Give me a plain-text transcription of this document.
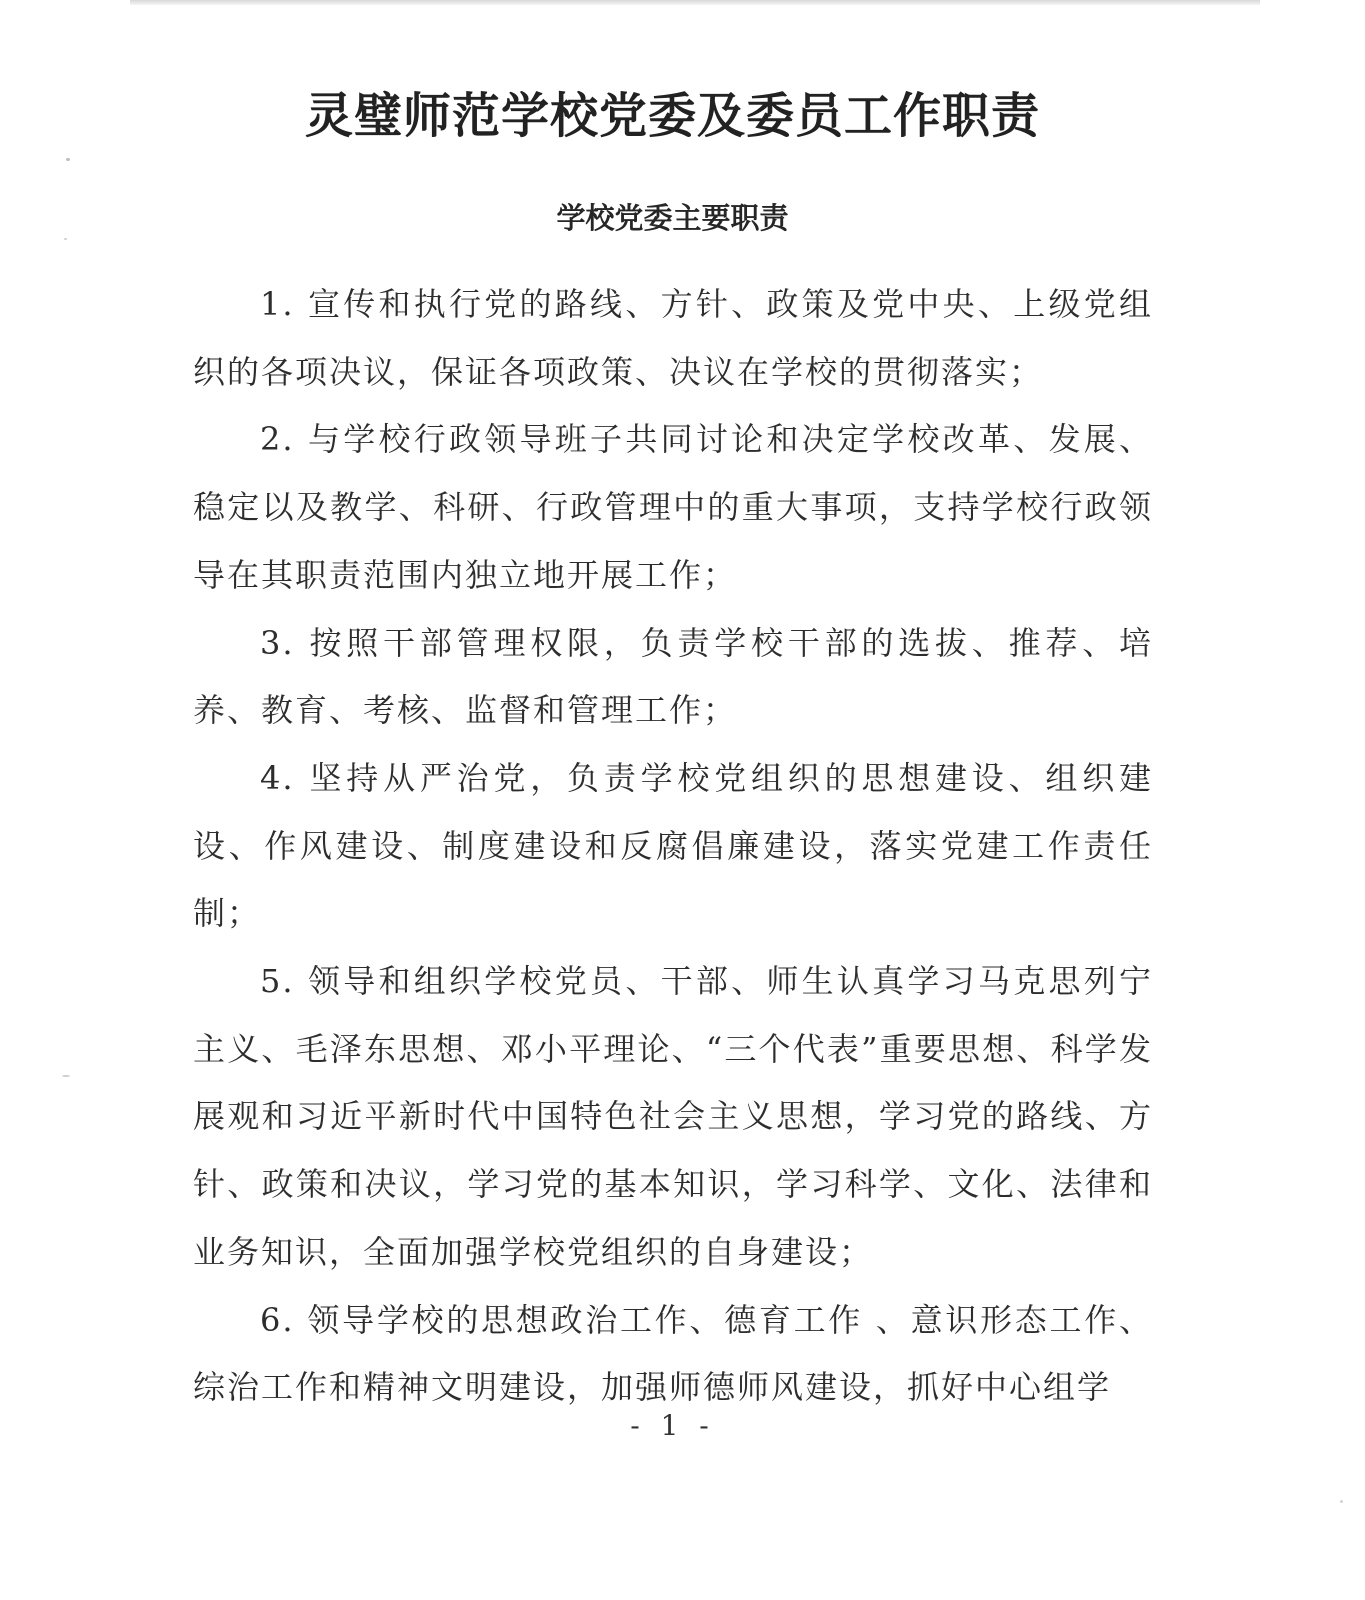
灵璧师范学校党委及委员工作职责
学校党委主要职责

1. 宣传和执行党的路线、方针、政策及党中央、上级党组织的各项决议，保证各项政策、决议在学校的贯彻落实；

2. 与学校行政领导班子共同讨论和决定学校改革、发展、稳定以及教学、科研、行政管理中的重大事项，支持学校行政领导在其职责范围内独立地开展工作；

3. 按照干部管理权限，负责学校干部的选拔、推荐、培养、教育、考核、监督和管理工作；

4. 坚持从严治党，负责学校党组织的思想建设、组织建设、作风建设、制度建设和反腐倡廉建设，落实党建工作责任制；

5. 领导和组织学校党员、干部、师生认真学习马克思列宁主义、毛泽东思想、邓小平理论、“三个代表”重要思想、科学发展观和习近平新时代中国特色社会主义思想，学习党的路线、方针、政策和决议，学习党的基本知识，学习科学、文化、法律和业务知识，全面加强学校党组织的自身建设；

6. 领导学校的思想政治工作、德育工作 、意识形态工作、综治工作和精神文明建设，加强师德师风建设，抓好中心组学

- 1 -
